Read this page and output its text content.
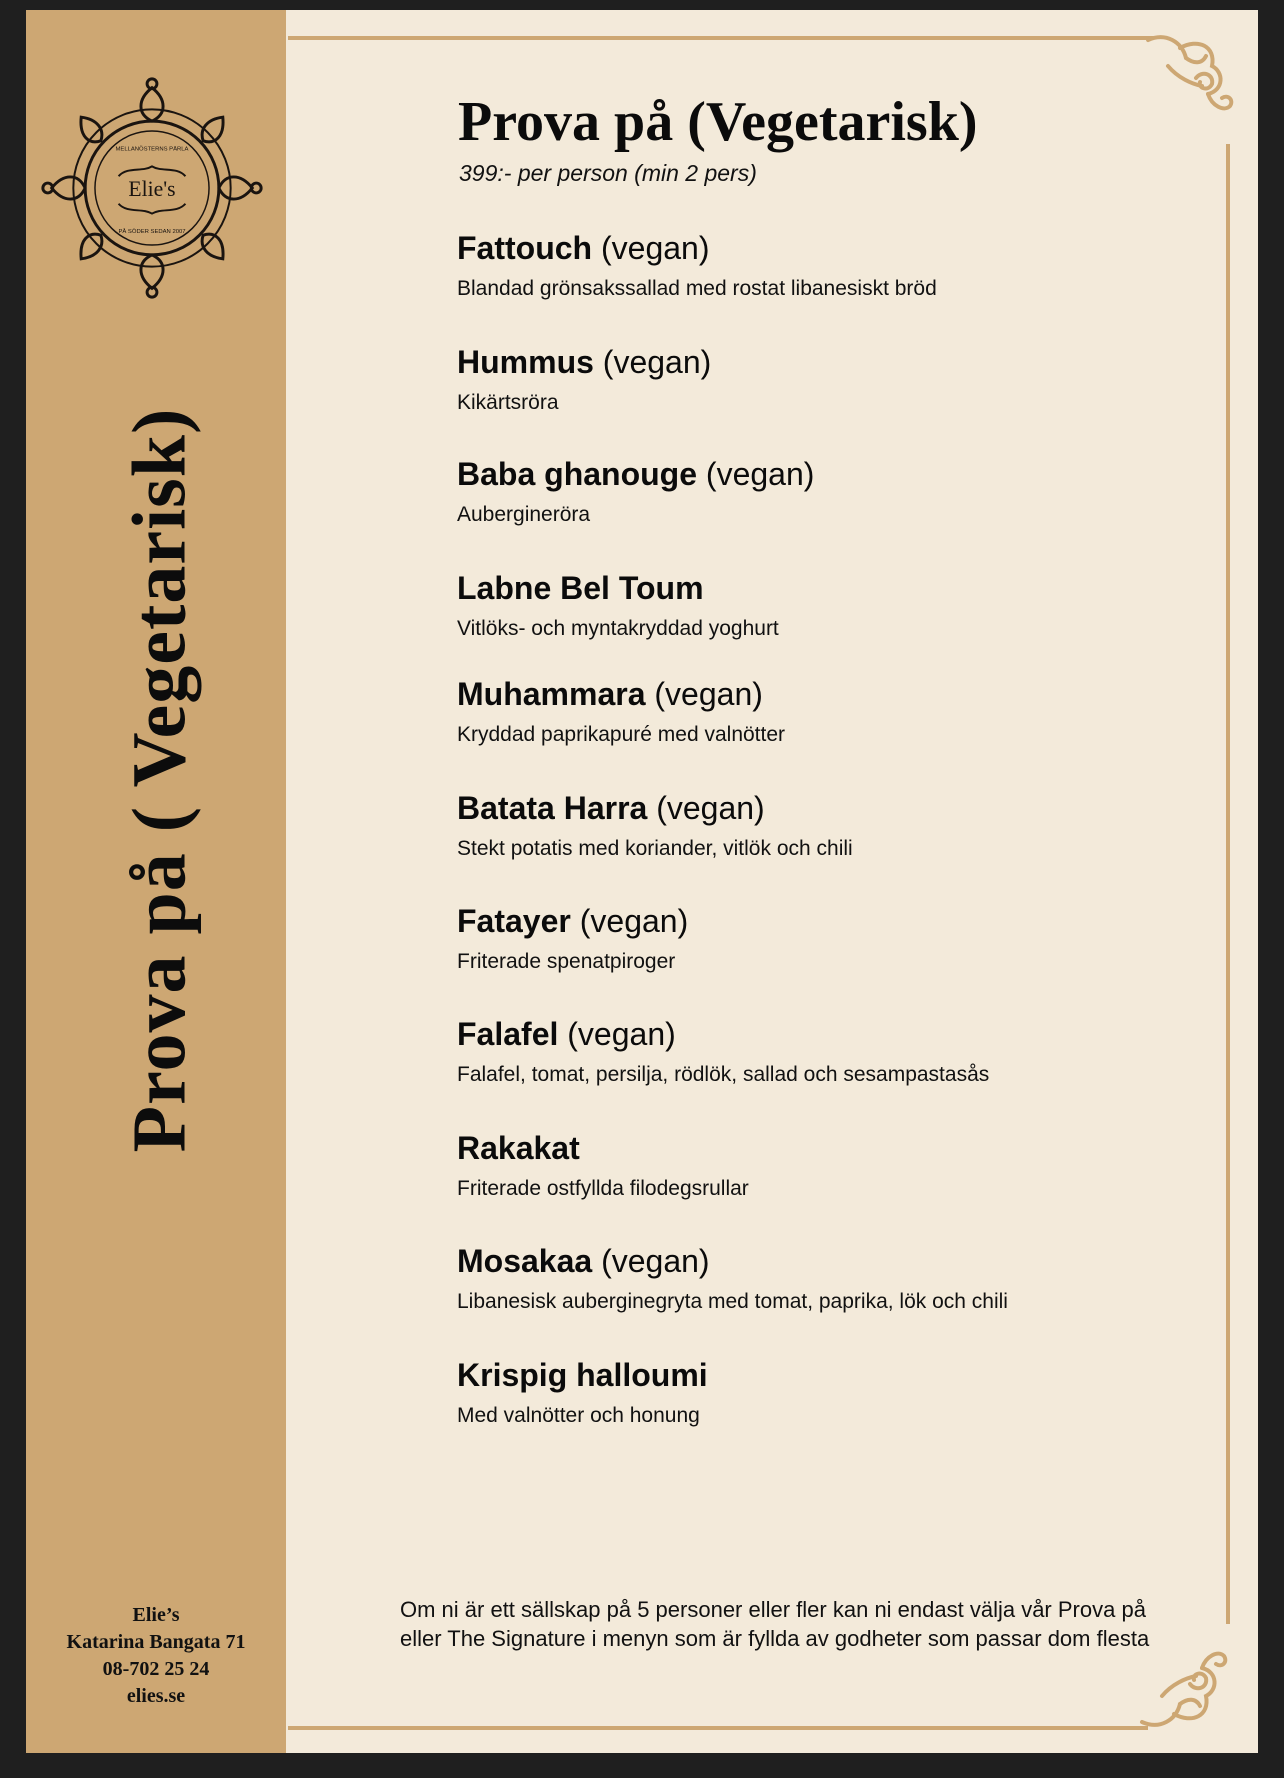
Elie's
MELLANÖSTERNS PÄRLA
PÅ SÖDER SEDAN 2007
Prova på ( Vegetarisk)
Elie’s
Katarina Bangata 71
08-702 25 24
elies.se
Prova på (Vegetarisk)
399:- per person (min 2 pers)
Fattouch (vegan)
Blandad grönsakssallad med rostat libanesiskt bröd
Hummus (vegan)
Kikärtsröra
Baba ghanouge (vegan)
Auberginerörа
Labne Bel Toum
Vitlöks- och myntakryddad yoghurt
Muhammara (vegan)
Kryddad paprikapuré med valnötter
Batata Harra (vegan)
Stekt potatis med koriander, vitlök och chili
Fatayer (vegan)
Friterade spenatpiroger
Falafel (vegan)
Falafel, tomat, persilja, rödlök, sallad och sesampastasås
Rakakat
Friterade ostfyllda filodegsrullar
Mosakaa (vegan)
Libanesisk auberginegryta med tomat, paprika, lök och chili
Krispig halloumi
Med valnötter och honung
Om ni är ett sällskap på 5 personer eller fler kan ni endast välja vår Prova på
eller The Signature i menyn som är fyllda av godheter som passar dom flesta
